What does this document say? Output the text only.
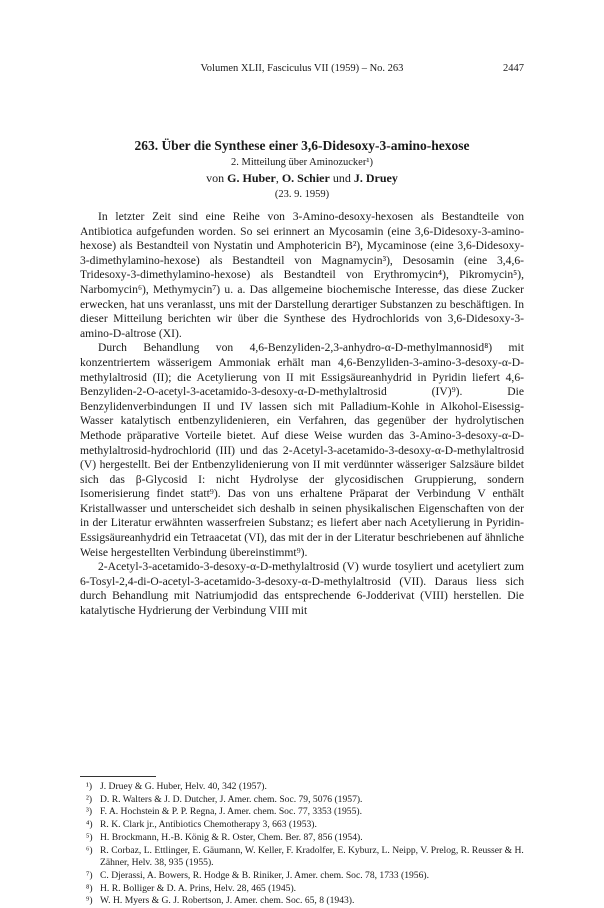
Volumen XLII, Fasciculus VII (1959) – No. 263	2447
263. Über die Synthese einer 3,6-Didesoxy-3-amino-hexose

2. Mitteilung über Aminozucker¹)

von G. Huber, O. Schier und J. Druey

(23. 9. 1959)

In letzter Zeit sind eine Reihe von 3-Amino-desoxy-hexosen als Bestandteile von Antibiotica aufgefunden worden. So sei erinnert an Mycosamin (eine 3,6-Didesoxy-3-amino-hexose) als Bestandteil von Nystatin und Amphotericin B²), Mycaminose (eine 3,6-Didesoxy-3-dimethylamino-hexose) als Bestandteil von Magnamycin³), Desosamin (eine 3,4,6-Tridesoxy-3-dimethylamino-hexose) als Bestandteil von Erythromycin⁴), Pikromycin⁵), Narbomycin⁶), Methymycin⁷) u. a. Das allgemeine biochemische Interesse, das diese Zucker erwecken, hat uns veranlasst, uns mit der Darstellung derartiger Substanzen zu beschäftigen. In dieser Mitteilung berichten wir über die Synthese des Hydrochlorids von 3,6-Didesoxy-3-amino-D-altrose (XI).

Durch Behandlung von 4,6-Benzyliden-2,3-anhydro-α-D-methylmannosid⁸) mit konzentriertem wässerigem Ammoniak erhält man 4,6-Benzyliden-3-amino-3-desoxy-α-D-methylaltrosid (II); die Acetylierung von II mit Essigsäureanhydrid in Pyridin liefert 4,6-Benzyliden-2-O-acetyl-3-acetamido-3-desoxy-α-D-methylaltrosid (IV)⁹). Die Benzylidenverbindungen II und IV lassen sich mit Palladium-Kohle in Alkohol-Eisessig-Wasser katalytisch entbenzylidenieren, ein Verfahren, das gegenüber der hydrolytischen Methode präparative Vorteile bietet. Auf diese Weise wurden das 3-Amino-3-desoxy-α-D-methylaltrosid-hydrochlorid (III) und das 2-Acetyl-3-acetamido-3-desoxy-α-D-methylaltrosid (V) hergestellt. Bei der Entbenzylidenierung von II mit verdünnter wässeriger Salzsäure bildet sich das β-Glycosid I: nicht Hydrolyse der glycosidischen Gruppierung, sondern Isomerisierung findet statt⁹). Das von uns erhaltene Präparat der Verbindung V enthält Kristallwasser und unterscheidet sich deshalb in seinen physikalischen Eigenschaften von der in der Literatur erwähnten wasserfreien Substanz; es liefert aber nach Acetylierung in Pyridin-Essigsäureanhydrid ein Tetraacetat (VI), das mit der in der Literatur beschriebenen auf ähnliche Weise hergestellten Verbindung übereinstimmt⁹).

2-Acetyl-3-acetamido-3-desoxy-α-D-methylaltrosid (V) wurde tosyliert und acetyliert zum 6-Tosyl-2,4-di-O-acetyl-3-acetamido-3-desoxy-α-D-methylaltrosid (VII). Daraus liess sich durch Behandlung mit Natriumjodid das entsprechende 6-Jodderivat (VIII) herstellen. Die katalytische Hydrierung der Verbindung VIII mit

¹) J. Druey & G. Huber, Helv. 40, 342 (1957).

²) D. R. Walters & J. D. Dutcher, J. Amer. chem. Soc. 79, 5076 (1957).

³) F. A. Hochstein & P. P. Regna, J. Amer. chem. Soc. 77, 3353 (1955).

⁴) R. K. Clark jr., Antibiotics Chemotherapy 3, 663 (1953).

⁵) H. Brockmann, H.-B. König & R. Oster, Chem. Ber. 87, 856 (1954).

⁶) R. Corbaz, L. Ettlinger, E. Gäumann, W. Keller, F. Kradolfer, E. Kyburz, L. Neipp, V. Prelog, R. Reusser & H. Zähner, Helv. 38, 935 (1955).

⁷) C. Djerassi, A. Bowers, R. Hodge & B. Riniker, J. Amer. chem. Soc. 78, 1733 (1956).

⁸) H. R. Bolliger & D. A. Prins, Helv. 28, 465 (1945).

⁹) W. H. Myers & G. J. Robertson, J. Amer. chem. Soc. 65, 8 (1943).
